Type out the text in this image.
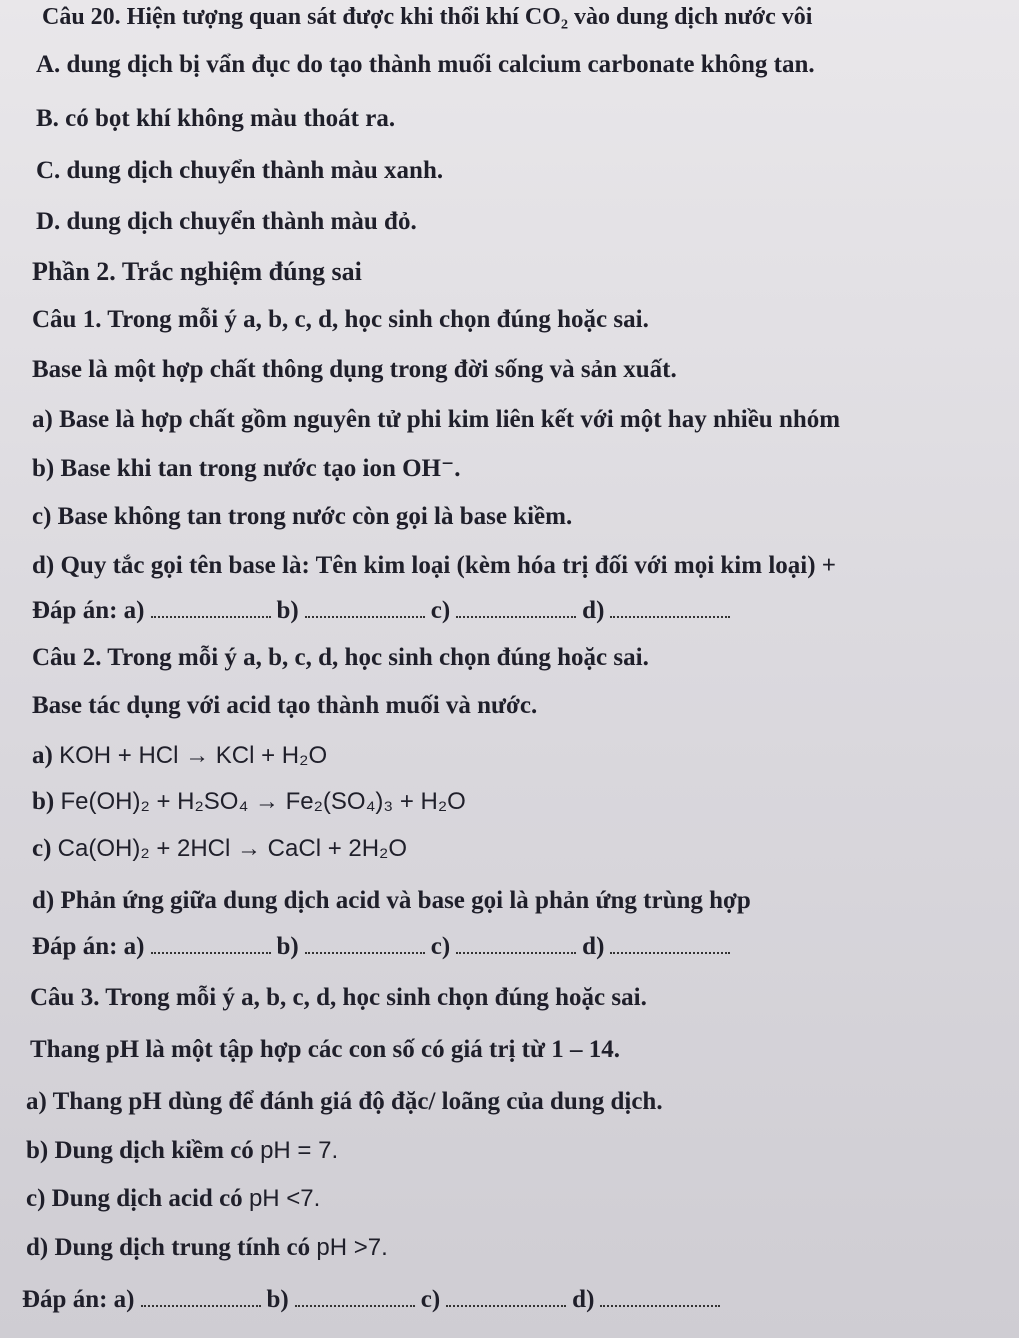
Câu 20. Hiện tượng quan sát được khi thổi khí CO₂ vào dung dịch nước vôi
A. dung dịch bị vẩn đục do tạo thành muối calcium carbonate không tan.
B. có bọt khí không màu thoát ra.
C. dung dịch chuyển thành màu xanh.
D. dung dịch chuyển thành màu đỏ.
Phần 2. Trắc nghiệm đúng sai
Câu 1. Trong mỗi ý a, b, c, d, học sinh chọn đúng hoặc sai.
Base là một hợp chất thông dụng trong đời sống và sản xuất.
a) Base là hợp chất gồm nguyên tử phi kim liên kết với một hay nhiều nhóm
b) Base khi tan trong nước tạo ion OH⁻.
c) Base không tan trong nước còn gọi là base kiềm.
d) Quy tắc gọi tên base là: Tên kim loại (kèm hóa trị đối với mọi kim loại) +
Đáp án: a)	b)	c)	d)
Câu 2. Trong mỗi ý a, b, c, d, học sinh chọn đúng hoặc sai.
Base tác dụng với acid tạo thành muối và nước.
a) KOH + HCl → KCl + H₂O
b) Fe(OH)₂ + H₂SO₄ → Fe₂(SO₄)₃ + H₂O
c) Ca(OH)₂ + 2HCl → CaCl + 2H₂O
d) Phản ứng giữa dung dịch acid và base gọi là phản ứng trùng hợp
Đáp án: a)	b)	c)	d)
Câu 3. Trong mỗi ý a, b, c, d, học sinh chọn đúng hoặc sai.
Thang pH là một tập hợp các con số có giá trị từ 1 – 14.
a) Thang pH dùng để đánh giá độ đặc/ loãng của dung dịch.
b) Dung dịch kiềm có pH = 7.
c) Dung dịch acid có pH <7.
d) Dung dịch trung tính có pH >7.
Đáp án: a)	b)	c)	d)
